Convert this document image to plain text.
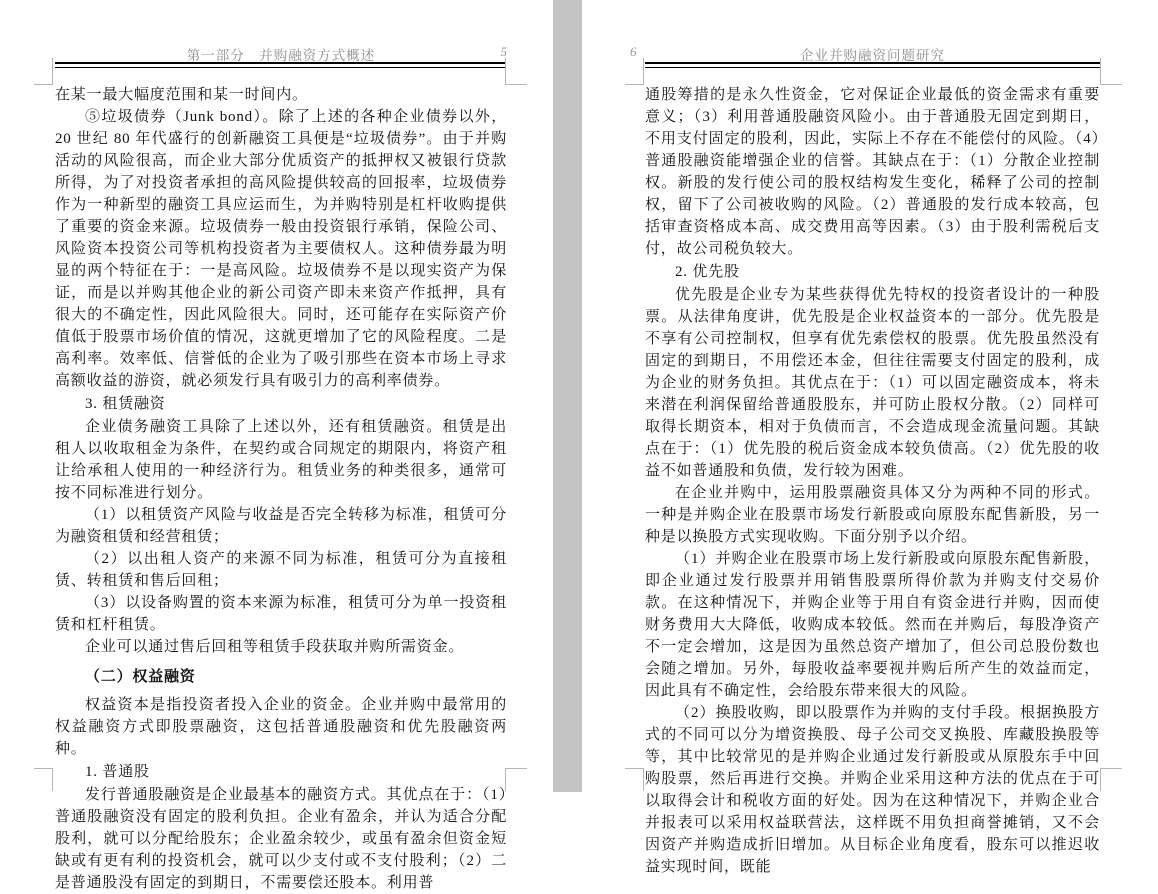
第一部分　并购融资方式概述	5

在某一最大幅度范围和某一时间内。

⑤垃圾债券（Junk bond）。除了上述的各种企业债券以外，20 世纪 80 年代盛行的创新融资工具便是“垃圾债券”。由于并购活动的风险很高，而企业大部分优质资产的抵押权又被银行贷款所得，为了对投资者承担的高风险提供较高的回报率，垃圾债券作为一种新型的融资工具应运而生，为并购特别是杠杆收购提供了重要的资金来源。垃圾债券一般由投资银行承销，保险公司、风险资本投资公司等机构投资者为主要债权人。这种债券最为明显的两个特征在于：一是高风险。垃圾债券不是以现实资产为保证，而是以并购其他企业的新公司资产即未来资产作抵押，具有很大的不确定性，因此风险很大。同时，还可能存在实际资产价值低于股票市场价值的情况，这就更增加了它的风险程度。二是高利率。效率低、信誉低的企业为了吸引那些在资本市场上寻求高额收益的游资，就必须发行具有吸引力的高利率债券。

3. 租赁融资

企业债务融资工具除了上述以外，还有租赁融资。租赁是出租人以收取租金为条件，在契约或合同规定的期限内，将资产租让给承租人使用的一种经济行为。租赁业务的种类很多，通常可按不同标准进行划分。

（1）以租赁资产风险与收益是否完全转移为标准，租赁可分为融资租赁和经营租赁；

（2）以出租人资产的来源不同为标准，租赁可分为直接租赁、转租赁和售后回租；

（3）以设备购置的资本来源为标准，租赁可分为单一投资租赁和杠杆租赁。

企业可以通过售后回租等租赁手段获取并购所需资金。

（二）权益融资

权益资本是指投资者投入企业的资金。企业并购中最常用的权益融资方式即股票融资，这包括普通股融资和优先股融资两种。

1. 普通股

发行普通股融资是企业最基本的融资方式。其优点在于：（1）普通股融资没有固定的股利负担。企业有盈余，并认为适合分配股利，就可以分配给股东；企业盈余较少，或虽有盈余但资金短缺或有更有利的投资机会，就可以少支付或不支付股利；（2）二是普通股没有固定的到期日，不需要偿还股本。利用普

企业并购融资问题研究
6

通股筹措的是永久性资金，它对保证企业最低的资金需求有重要意义；（3）利用普通股融资风险小。由于普通股无固定到期日，不用支付固定的股利，因此，实际上不存在不能偿付的风险。（4）普通股融资能增强企业的信誉。其缺点在于：（1）分散企业控制权。新股的发行使公司的股权结构发生变化，稀释了公司的控制权，留下了公司被收购的风险。（2）普通股的发行成本较高，包括审查资格成本高、成交费用高等因素。（3）由于股利需税后支付，故公司税负较大。

2. 优先股

优先股是企业专为某些获得优先特权的投资者设计的一种股票。从法律角度讲，优先股是企业权益资本的一部分。优先股是不享有公司控制权，但享有优先索偿权的股票。优先股虽然没有固定的到期日，不用偿还本金，但往往需要支付固定的股利，成为企业的财务负担。其优点在于：（1）可以固定融资成本，将未来潜在利润保留给普通股股东，并可防止股权分散。（2）同样可取得长期资本，相对于负债而言，不会造成现金流量问题。其缺点在于：（1）优先股的税后资金成本较负债高。（2）优先股的收益不如普通股和负债，发行较为困难。

在企业并购中，运用股票融资具体又分为两种不同的形式。一种是并购企业在股票市场发行新股或向原股东配售新股，另一种是以换股方式实现收购。下面分别予以介绍。

（1）并购企业在股票市场上发行新股或向原股东配售新股，即企业通过发行股票并用销售股票所得价款为并购支付交易价款。在这种情况下，并购企业等于用自有资金进行并购，因而使财务费用大大降低，收购成本较低。然而在并购后，每股净资产不一定会增加，这是因为虽然总资产增加了，但公司总股份数也会随之增加。另外，每股收益率要视并购后所产生的效益而定，因此具有不确定性，会给股东带来很大的风险。

（2）换股收购，即以股票作为并购的支付手段。根据换股方式的不同可以分为增资换股、母子公司交叉换股、库藏股换股等等，其中比较常见的是并购企业通过发行新股或从原股东手中回购股票，然后再进行交换。并购企业采用这种方法的优点在于可以取得会计和税收方面的好处。因为在这种情况下，并购企业合并报表可以采用权益联营法，这样既不用负担商誉摊销，又不会因资产并购造成折旧增加。从目标企业角度看，股东可以推迟收益实现时间，既能
